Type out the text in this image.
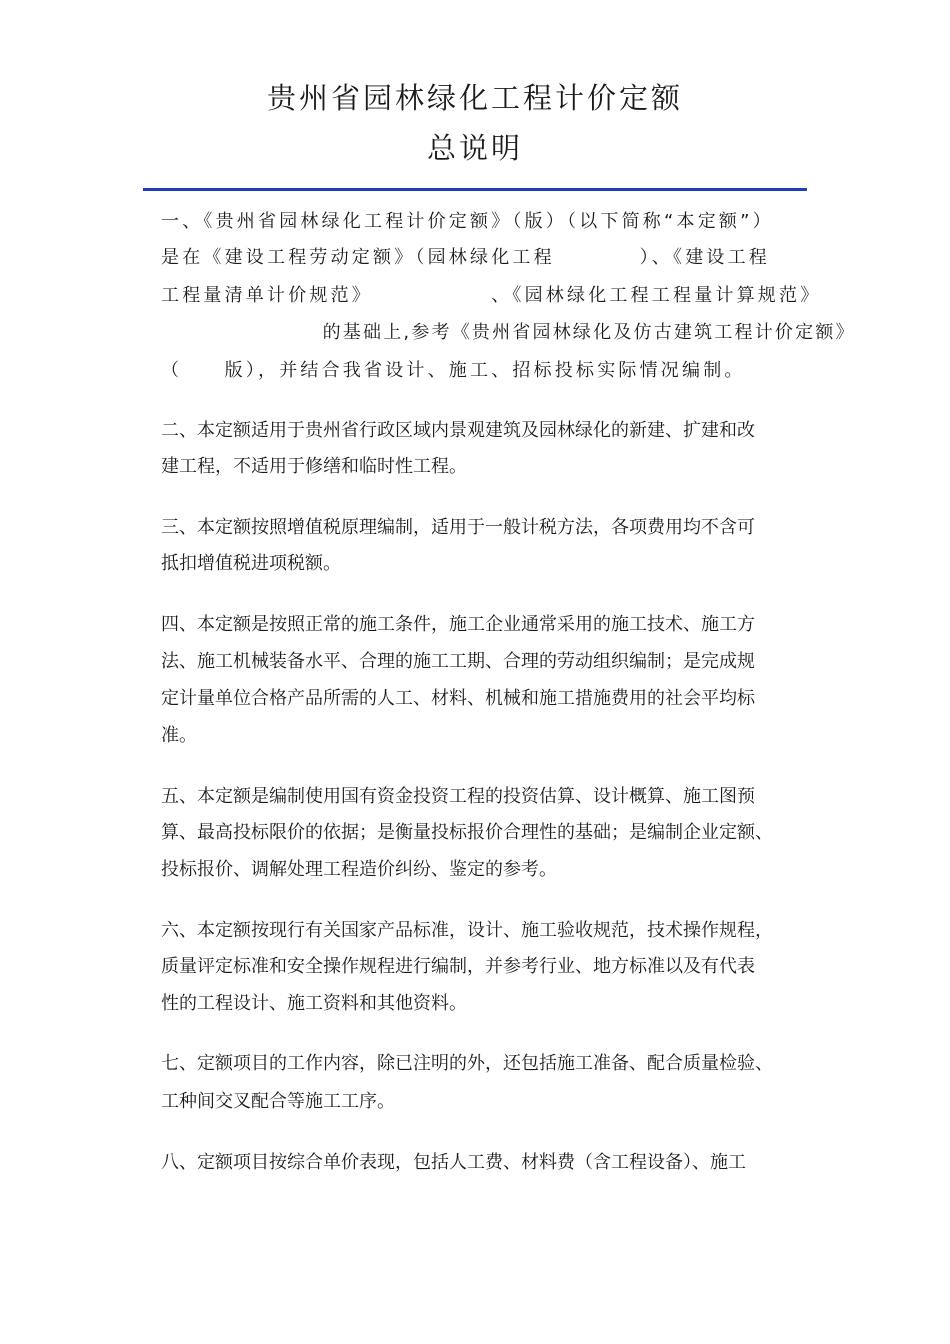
贵州省园林绿化工程计价定额
总说明
一、《贵州省园林绿化工程计价定额》（版）（以下简称“本定额”）
是在《建设工程劳动定额》（园林绿化工程　　　　）、《建设工程
工程量清单计价规范》　　　　　　、《园林绿化工程工程量计算规范》
　　　　　　　　的基础上,参考《贵州省园林绿化及仿古建筑工程计价定额》
（　　版），并结合我省设计、施工、招标投标实际情况编制。
二、本定额适用于贵州省行政区域内景观建筑及园林绿化的新建、扩建和改
建工程，不适用于修缮和临时性工程。
三、本定额按照增值税原理编制，适用于一般计税方法，各项费用均不含可
抵扣增值税进项税额。
四、本定额是按照正常的施工条件，施工企业通常采用的施工技术、施工方
法、施工机械装备水平、合理的施工工期、合理的劳动组织编制；是完成规
定计量单位合格产品所需的人工、材料、机械和施工措施费用的社会平均标
准。
五、本定额是编制使用国有资金投资工程的投资估算、设计概算、施工图预
算、最高投标限价的依据；是衡量投标报价合理性的基础；是编制企业定额、
投标报价、调解处理工程造价纠纷、鉴定的参考。
六、本定额按现行有关国家产品标准，设计、施工验收规范，技术操作规程，
质量评定标准和安全操作规程进行编制，并参考行业、地方标准以及有代表
性的工程设计、施工资料和其他资料。
七、定额项目的工作内容，除已注明的外，还包括施工准备、配合质量检验、
工种间交叉配合等施工工序。
八、定额项目按综合单价表现，包括人工费、材料费（含工程设备）、施工
